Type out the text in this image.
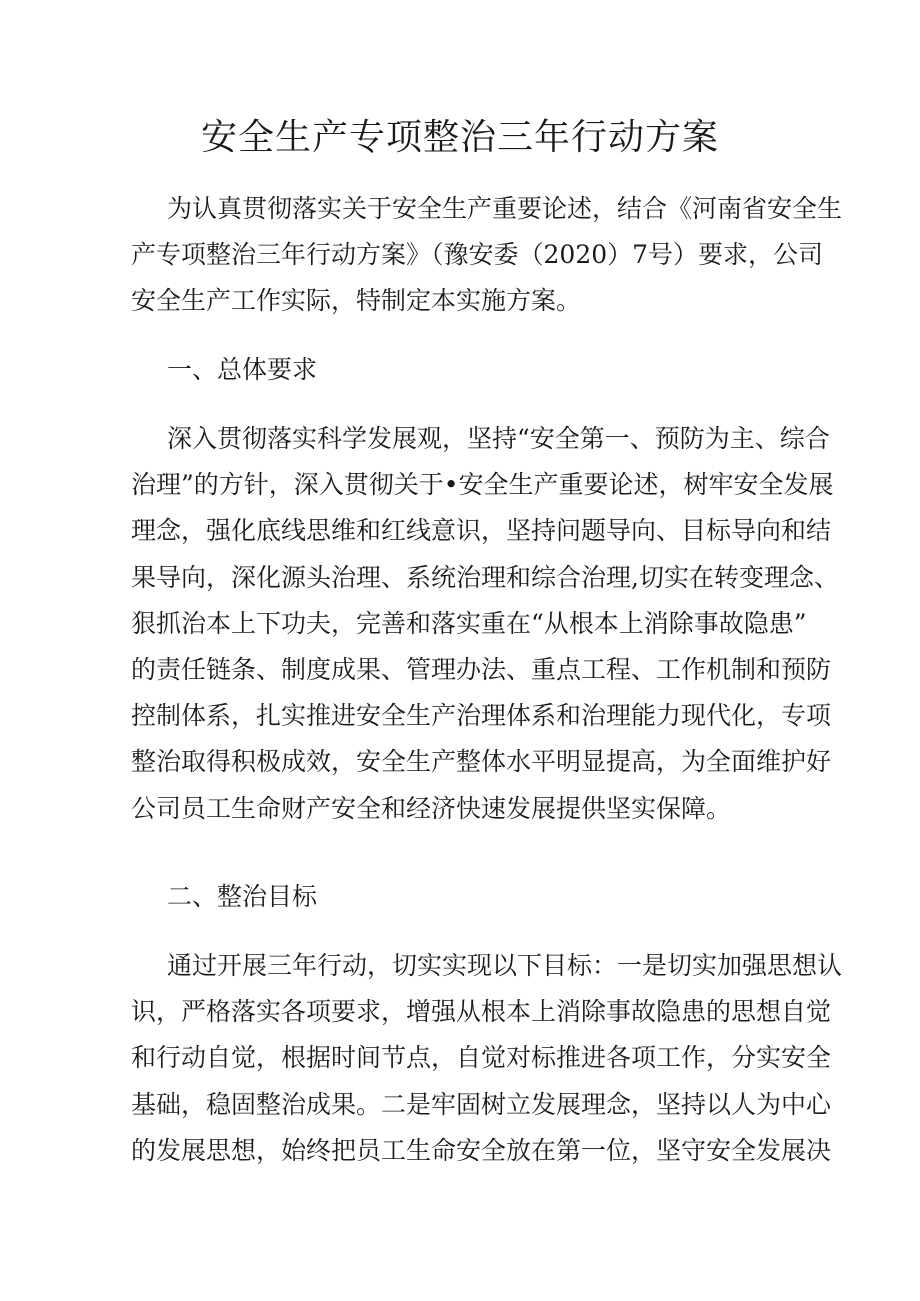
安全生产专项整治三年行动方案
为认真贯彻落实关于安全生产重要论述，结合《河南省安全生
产专项整治三年行动方案》（豫安委（2020）7号）要求，公司
安全生产工作实际，特制定本实施方案。
一、总体要求
深入贯彻落实科学发展观，坚持“安全第一、预防为主、综合
治理”的方针，深入贯彻关于•安全生产重要论述，树牢安全发展
理念，强化底线思维和红线意识，坚持问题导向、目标导向和结
果导向，深化源头治理、系统治理和综合治理,切实在转变理念、
狠抓治本上下功夫，完善和落实重在“从根本上消除事故隐患”
的责任链条、制度成果、管理办法、重点工程、工作机制和预防
控制体系，扎实推进安全生产治理体系和治理能力现代化，专项
整治取得积极成效，安全生产整体水平明显提高，为全面维护好
公司员工生命财产安全和经济快速发展提供坚实保障。
二、整治目标
通过开展三年行动，切实实现以下目标：一是切实加强思想认
识，严格落实各项要求，增强从根本上消除事故隐患的思想自觉
和行动自觉，根据时间节点，自觉对标推进各项工作，分实安全
基础，稳固整治成果。二是牢固树立发展理念，坚持以人为中心
的发展思想，始终把员工生命安全放在第一位，坚守安全发展决
